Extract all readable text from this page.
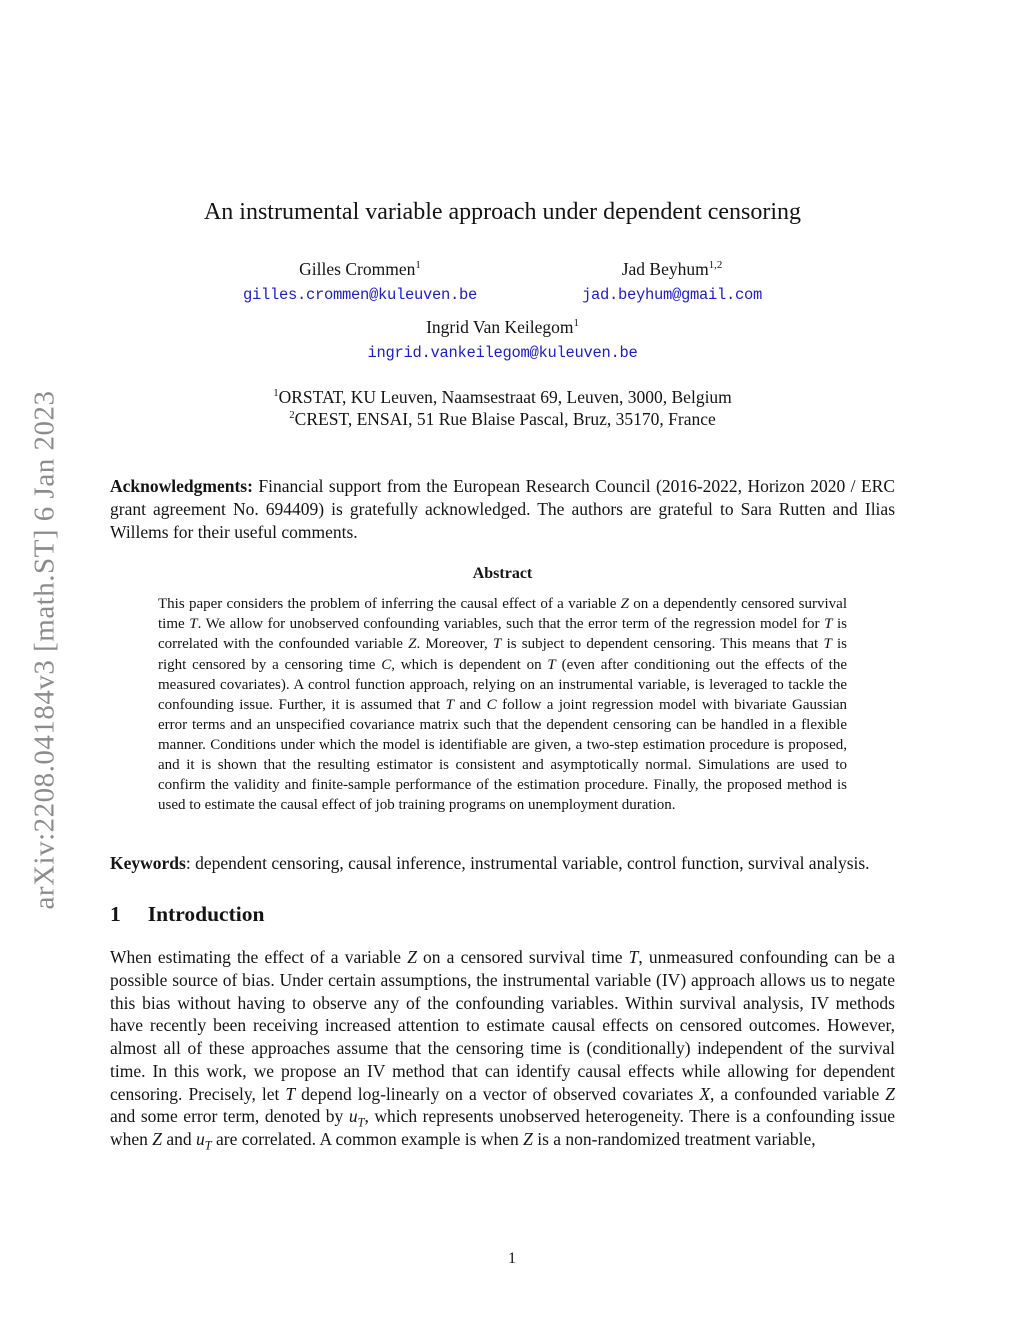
arXiv:2208.04184v3 [math.ST] 6 Jan 2023
An instrumental variable approach under dependent censoring
Gilles Crommen$^1$
gilles.crommen@kuleuven.be
Jad Beyhum$^{1,2}$
jad.beyhum@gmail.com
Ingrid Van Keilegom$^1$
ingrid.vankeilegom@kuleuven.be
$^1$ORSTAT, KU Leuven, Naamsestraat 69, Leuven, 3000, Belgium
$^2$CREST, ENSAI, 51 Rue Blaise Pascal, Bruz, 35170, France

Acknowledgments: Financial support from the European Research Council (2016-2022, Horizon 2020 / ERC grant agreement No. 694409) is gratefully acknowledged. The authors are grateful to Sara Rutten and Ilias Willems for their useful comments.

Abstract

This paper considers the problem of inferring the causal effect of a variable Z on a dependently censored survival time T. We allow for unobserved confounding variables, such that the error term of the regression model for T is correlated with the confounded variable Z. Moreover, T is subject to dependent censoring. This means that T is right censored by a censoring time C, which is dependent on T (even after conditioning out the effects of the measured covariates). A control function approach, relying on an instrumental variable, is leveraged to tackle the confounding issue. Further, it is assumed that T and C follow a joint regression model with bivariate Gaussian error terms and an unspecified covariance matrix such that the dependent censoring can be handled in a flexible manner. Conditions under which the model is identifiable are given, a two-step estimation procedure is proposed, and it is shown that the resulting estimator is consistent and asymptotically normal. Simulations are used to confirm the validity and finite-sample performance of the estimation procedure. Finally, the proposed method is used to estimate the causal effect of job training programs on unemployment duration.

Keywords: dependent censoring, causal inference, instrumental variable, control function, survival analysis.

1 Introduction

When estimating the effect of a variable Z on a censored survival time T, unmeasured confounding can be a possible source of bias. Under certain assumptions, the instrumental variable (IV) approach allows us to negate this bias without having to observe any of the confounding variables. Within survival analysis, IV methods have recently been receiving increased attention to estimate causal effects on censored outcomes. However, almost all of these approaches assume that the censoring time is (conditionally) independent of the survival time. In this work, we propose an IV method that can identify causal effects while allowing for dependent censoring. Precisely, let T depend log-linearly on a vector of observed covariates X, a confounded variable Z and some error term, denoted by $u_T$, which represents unobserved heterogeneity. There is a confounding issue when Z and $u_T$ are correlated. A common example is when Z is a non-randomized treatment variable,

1
